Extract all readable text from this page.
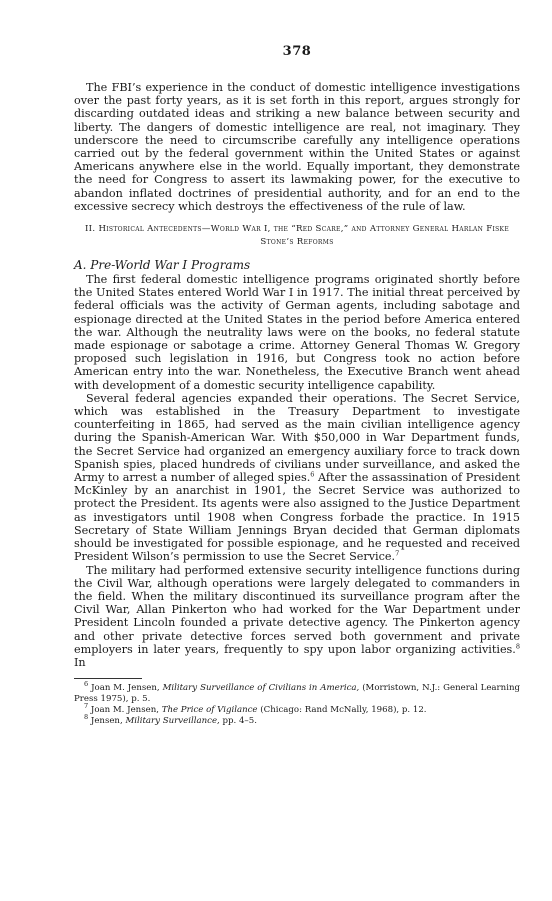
378

The FBI’s experience in the conduct of domestic intelligence investigations over the past forty years, as it is set forth in this report, argues strongly for discarding outdated ideas and striking a new balance between security and liberty. The dangers of domestic intelligence are real, not imaginary. They underscore the need to circumscribe carefully any intelligence operations carried out by the federal government within the United States or against Americans anywhere else in the world. Equally important, they demonstrate the need for Congress to assert its lawmaking power, for the executive to abandon inflated doctrines of presidential authority, and for an end to the excessive secrecy which destroys the effectiveness of the rule of law.

II. Historical Antecedents—World War I, the “Red Scare,” and Attorney General Harlan Fiske Stone’s Reforms
A. Pre-World War I Programs

The first federal domestic intelligence programs originated shortly before the United States entered World War I in 1917. The initial threat perceived by federal officials was the activity of German agents, including sabotage and espionage directed at the United States in the period before America entered the war. Although the neutrality laws were on the books, no federal statute made espionage or sabotage a crime. Attorney General Thomas W. Gregory proposed such legislation in 1916, but Congress took no action before American entry into the war. Nonetheless, the Executive Branch went ahead with development of a domestic security intelligence capability.

Several federal agencies expanded their operations. The Secret Service, which was established in the Treasury Department to investigate counterfeiting in 1865, had served as the main civilian intelligence agency during the Spanish-American War. With $50,000 in War Department funds, the Secret Service had organized an emergency auxiliary force to track down Spanish spies, placed hundreds of civilians under surveillance, and asked the Army to arrest a number of alleged spies.$^6$ After the assassination of President McKinley by an anarchist in 1901, the Secret Service was authorized to protect the President. Its agents were also assigned to the Justice Department as investigators until 1908 when Congress forbade the practice. In 1915 Secretary of State William Jennings Bryan decided that German diplomats should be investigated for possible espionage, and he requested and received President Wilson’s permission to use the Secret Service.$^7$

The military had performed extensive security intelligence functions during the Civil War, although operations were largely delegated to commanders in the field. When the military discontinued its surveillance program after the Civil War, Allan Pinkerton who had worked for the War Department under President Lincoln founded a private detective agency. The Pinkerton agency and other private detective forces served both government and private employers in later years, frequently to spy upon labor organizing activities.$^8$ In

$^6$ Joan M. Jensen, Military Surveillance of Civilians in America, (Morristown, N.J.: General Learning Press 1975), p. 5.

$^7$ Joan M. Jensen, The Price of Vigilance (Chicago: Rand McNally, 1968), p. 12.

$^8$ Jensen, Military Surveillance, pp. 4–5.
